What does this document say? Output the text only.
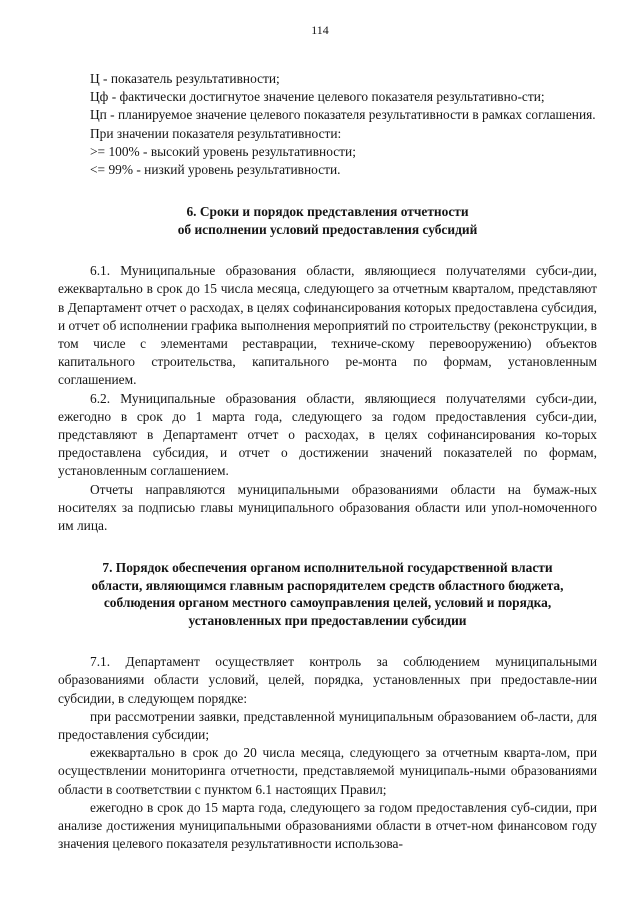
114

Ц - показатель результативности;

Цф - фактически достигнутое значение целевого показателя результативно-сти;

Цп - планируемое значение целевого показателя результативности в рамках соглашения.

При значении показателя результативности:

>= 100% - высокий уровень результативности;

<= 99% - низкий уровень результативности.

6. Сроки и порядок представления отчетности
об исполнении условий предоставления субсидий

6.1. Муниципальные образования области, являющиеся получателями субси-дии, ежеквартально в срок до 15 числа месяца, следующего за отчетным кварталом, представляют в Департамент отчет о расходах, в целях софинансирования которых предоставлена субсидия, и отчет об исполнении графика выполнения мероприятий по строительству (реконструкции, в том числе с элементами реставрации, техниче-скому перевооружению) объектов капитального строительства, капитального ре-монта по формам, установленным соглашением.

6.2. Муниципальные образования области, являющиеся получателями субси-дии, ежегодно в срок до 1 марта года, следующего за годом предоставления субси-дии, представляют в Департамент отчет о расходах, в целях софинансирования ко-торых предоставлена субсидия, и отчет о достижении значений показателей по формам, установленным соглашением.

Отчеты направляются муниципальными образованиями области на бумаж-ных носителях за подписью главы муниципального образования области или упол-номоченного им лица.

7. Порядок обеспечения органом исполнительной государственной власти
области, являющимся главным распорядителем средств областного бюджета,
соблюдения органом местного самоуправления целей, условий и порядка,
установленных при предоставлении субсидии

7.1. Департамент осуществляет контроль за соблюдением муниципальными образованиями области условий, целей, порядка, установленных при предоставле-нии субсидии, в следующем порядке:

при рассмотрении заявки, представленной муниципальным образованием об-ласти, для предоставления субсидии;

ежеквартально в срок до 20 числа месяца, следующего за отчетным кварта-лом, при осуществлении мониторинга отчетности, представляемой муниципаль-ными образованиями области в соответствии с пунктом 6.1 настоящих Правил;

ежегодно в срок до 15 марта года, следующего за годом предоставления суб-сидии, при анализе достижения муниципальными образованиями области в отчет-ном финансовом году значения целевого показателя результативности использова-
